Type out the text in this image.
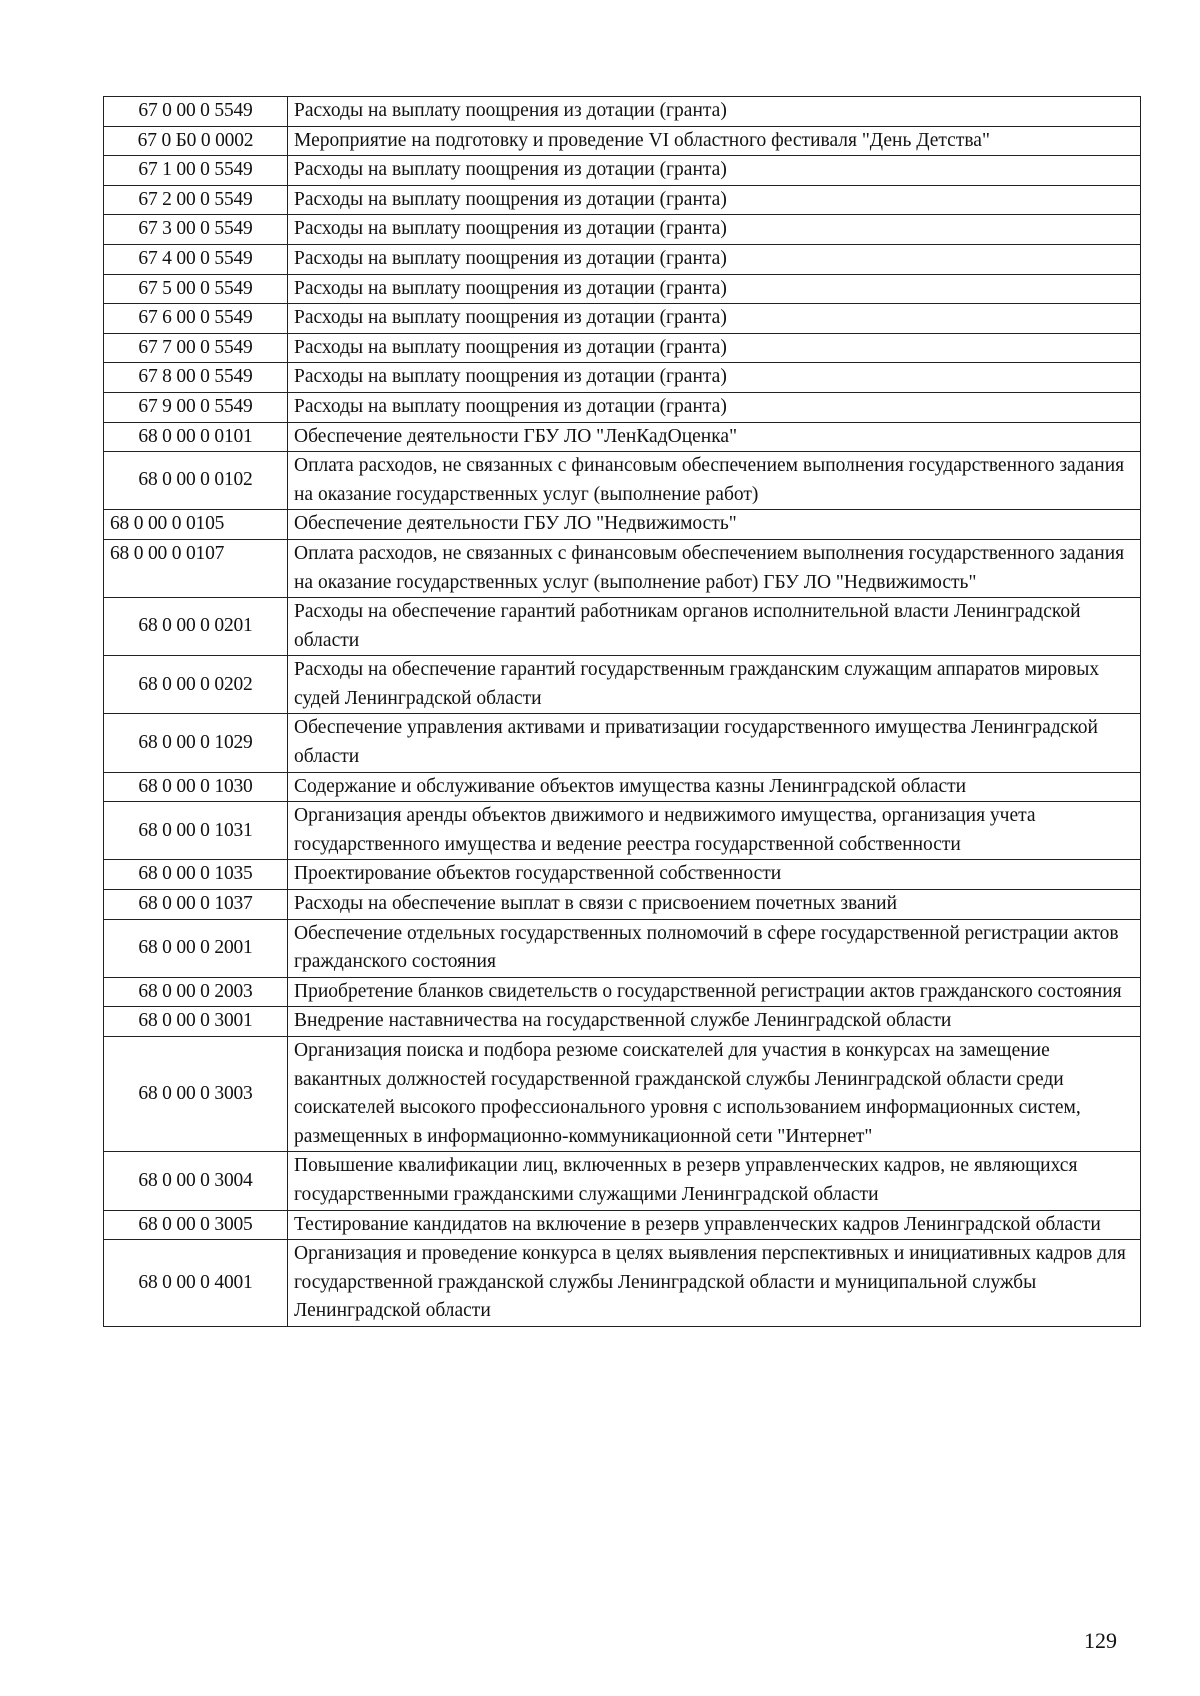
67 0 00 0 5549	Расходы на выплату поощрения из дотации (гранта)
67 0 Б0 0 0002	Мероприятие на подготовку и проведение VI областного фестиваля "День Детства"
67 1 00 0 5549	Расходы на выплату поощрения из дотации (гранта)
67 2 00 0 5549	Расходы на выплату поощрения из дотации (гранта)
67 3 00 0 5549	Расходы на выплату поощрения из дотации (гранта)
67 4 00 0 5549	Расходы на выплату поощрения из дотации (гранта)
67 5 00 0 5549	Расходы на выплату поощрения из дотации (гранта)
67 6 00 0 5549	Расходы на выплату поощрения из дотации (гранта)
67 7 00 0 5549	Расходы на выплату поощрения из дотации (гранта)
67 8 00 0 5549	Расходы на выплату поощрения из дотации (гранта)
67 9 00 0 5549	Расходы на выплату поощрения из дотации (гранта)
68 0 00 0 0101	Обеспечение деятельности ГБУ ЛО "ЛенКадОценка"
68 0 00 0 0102	Оплата расходов, не связанных с финансовым обеспечением выполнения государственного задания на оказание государственных услуг (выполнение работ)
68 0 00 0 0105	Обеспечение деятельности ГБУ ЛО "Недвижимость"
68 0 00 0 0107	Оплата расходов, не связанных с финансовым обеспечением выполнения государственного задания на оказание государственных услуг (выполнение работ) ГБУ ЛО "Недвижимость"
68 0 00 0 0201	Расходы на обеспечение гарантий работникам органов исполнительной власти Ленинградской области
68 0 00 0 0202	Расходы на обеспечение гарантий государственным гражданским служащим аппаратов мировых судей Ленинградской области
68 0 00 0 1029	Обеспечение управления активами и приватизации государственного имущества Ленинградской области
68 0 00 0 1030	Содержание и обслуживание объектов имущества казны Ленинградской области
68 0 00 0 1031	Организация аренды объектов движимого и недвижимого имущества, организация учета государственного имущества и ведение реестра государственной собственности
68 0 00 0 1035	Проектирование объектов государственной собственности
68 0 00 0 1037	Расходы на обеспечение выплат в связи с присвоением почетных званий
68 0 00 0 2001	Обеспечение отдельных государственных полномочий в сфере государственной регистрации актов гражданского состояния
68 0 00 0 2003	Приобретение бланков свидетельств о государственной регистрации актов гражданского состояния
68 0 00 0 3001	Внедрение наставничества на государственной службе Ленинградской области
68 0 00 0 3003	Организация поиска и подбора резюме соискателей для участия в конкурсах на замещение вакантных должностей государственной гражданской службы Ленинградской области среди соискателей высокого профессионального уровня с использованием информационных систем, размещенных в информационно-коммуникационной сети "Интернет"
68 0 00 0 3004	Повышение квалификации лиц, включенных в резерв управленческих кадров, не являющихся государственными гражданскими служащими Ленинградской области
68 0 00 0 3005	Тестирование кандидатов на включение в резерв управленческих кадров Ленинградской области
68 0 00 0 4001	Организация и проведение конкурса в целях выявления перспективных и инициативных кадров для государственной гражданской службы Ленинградской области и муниципальной службы Ленинградской области
129
